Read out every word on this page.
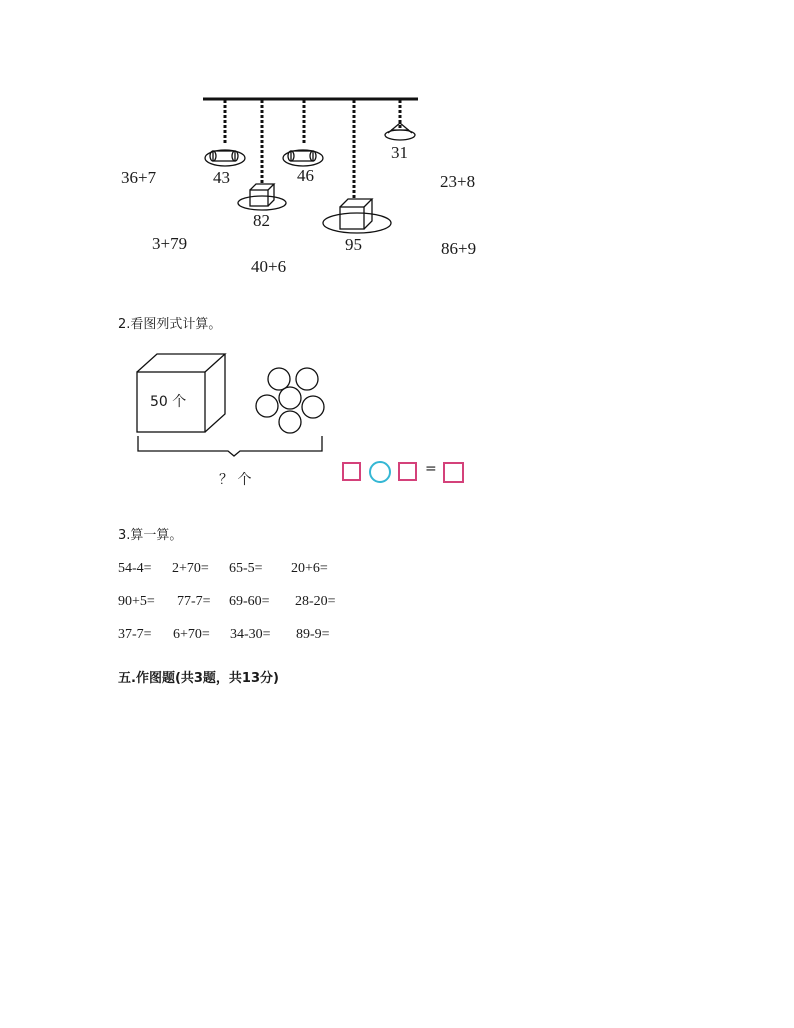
43	46
31
82
95
36+7	23+8
3+79	86+9
40+6
2.看图列式计算。
50 个
？ 个
=
3.算一算。
54-4= 2+70= 65-5= 20+6=
90+5= 77-7= 69-60= 28-20=
37-7= 6+70= 34-30= 89-9=
五.作图题(共3题，共13分)
